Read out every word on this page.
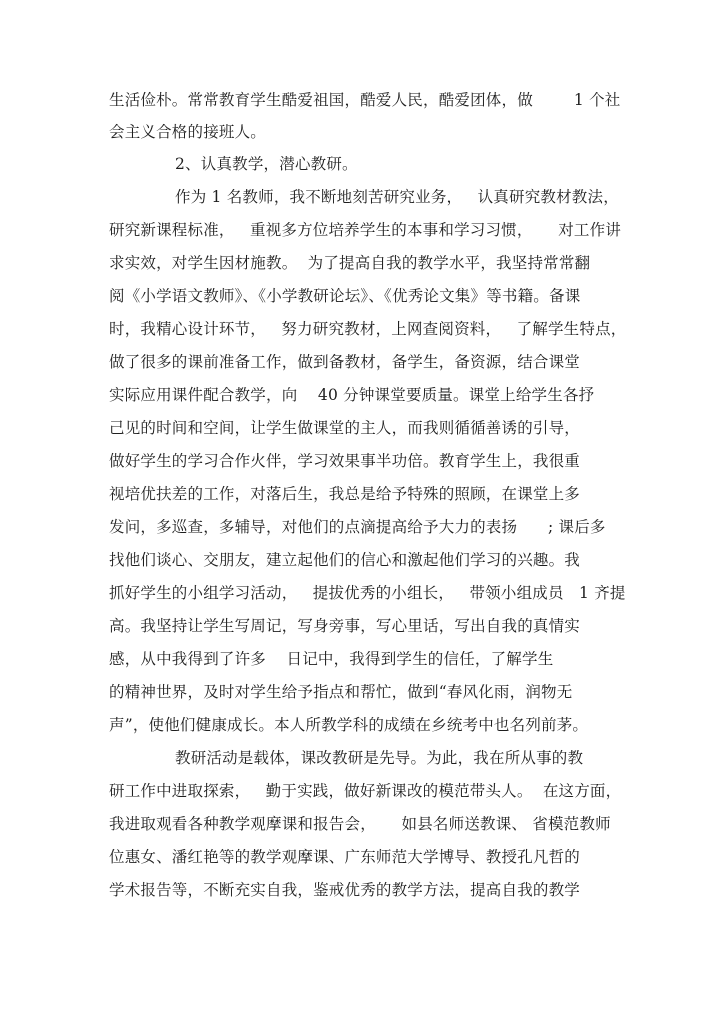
生活俭朴。常常教育学生酷爱祖国，酷爱人民，酷爱团体，做        1 个社
会主义合格的接班人。
2、认真教学，潜心教研。
作为 1 名教师，我不断地刻苦研究业务，   认真研究教材教法，
研究新课程标准，   重视多方位培养学生的本事和学习习惯，     对工作讲
求实效，对学生因材施教。  为了提高自我的教学水平，我坚持常常翻
阅《小学语文教师》、《小学教研论坛》、《优秀论文集》等书籍。备课
时，我精心设计环节，   努力研究教材，上网查阅资料，   了解学生特点，
做了很多的课前准备工作，做到备教材，备学生，备资源，结合课堂
实际应用课件配合教学，向    40 分钟课堂要质量。课堂上给学生各抒
己见的时间和空间，让学生做课堂的主人，而我则循循善诱的引导，
做好学生的学习合作火伴，学习效果事半功倍。教育学生上，我很重
视培优扶差的工作，对落后生，我总是给予特殊的照顾，在课堂上多
发问，多巡查，多辅导，对他们的点滴提高给予大力的表扬      ; 课后多
找他们谈心、交朋友，建立起他们的信心和激起他们学习的兴趣。我
抓好学生的小组学习活动，   提拔优秀的小组长，   带领小组成员   1 齐提
高。我坚持让学生写周记，写身旁事，写心里话，写出自我的真情实
感，从中我得到了许多    日记中，我得到学生的信任，了解学生
的精神世界，及时对学生给予指点和帮忙，做到“春风化雨，润物无
声”，使他们健康成长。本人所教学科的成绩在乡统考中也名列前茅。
教研活动是载体，课改教研是先导。为此，我在所从事的教
研工作中进取探索，   勤于实践，做好新课改的模范带头人。  在这方面，
我进取观看各种教学观摩课和报告会，     如县名师送教课、 省模范教师
位惠女、潘红艳等的教学观摩课、广东师范大学博导、教授孔凡哲的
学术报告等，不断充实自我，鉴戒优秀的教学方法，提高自我的教学
